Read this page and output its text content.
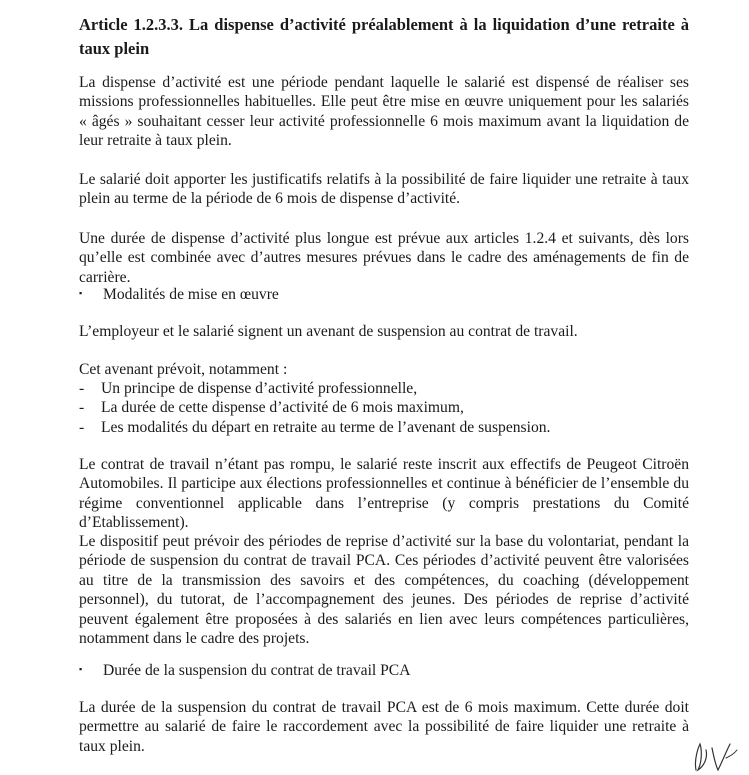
Article 1.2.3.3. La dispense d’activité préalablement à la liquidation d’une retraite à taux plein

La dispense d’activité est une période pendant laquelle le salarié est dispensé de réaliser ses missions professionnelles habituelles. Elle peut être mise en œuvre uniquement pour les salariés « âgés » souhaitant cesser leur activité professionnelle 6 mois maximum avant la liquidation de leur retraite à taux plein.

Le salarié doit apporter les justificatifs relatifs à la possibilité de faire liquider une retraite à taux plein au terme de la période de 6 mois de dispense d’activité.

Une durée de dispense d’activité plus longue est prévue aux articles 1.2.4 et suivants, dès lors qu’elle est combinée avec d’autres mesures prévues dans le cadre des aménagements de fin de carrière.

▪ Modalités de mise en œuvre

L’employeur et le salarié signent un avenant de suspension au contrat de travail.

Cet avenant prévoit, notamment :

- Un principe de dispense d’activité professionnelle,
- La durée de cette dispense d’activité de 6 mois maximum,
- Les modalités du départ en retraite au terme de l’avenant de suspension.

Le contrat de travail n’étant pas rompu, le salarié reste inscrit aux effectifs de Peugeot Citroën Automobiles. Il participe aux élections professionnelles et continue à bénéficier de l’ensemble du régime conventionnel applicable dans l’entreprise (y compris prestations du Comité d’Etablissement).

Le dispositif peut prévoir des périodes de reprise d’activité sur la base du volontariat, pendant la période de suspension du contrat de travail PCA. Ces périodes d’activité peuvent être valorisées au titre de la transmission des savoirs et des compétences, du coaching (développement personnel), du tutorat, de l’accompagnement des jeunes. Des périodes de reprise d’activité peuvent également être proposées à des salariés en lien avec leurs compétences particulières, notamment dans le cadre des projets.

▪ Durée de la suspension du contrat de travail PCA

La durée de la suspension du contrat de travail PCA est de 6 mois maximum. Cette durée doit permettre au salarié de faire le raccordement avec la possibilité de faire liquider une retraite à taux plein.
